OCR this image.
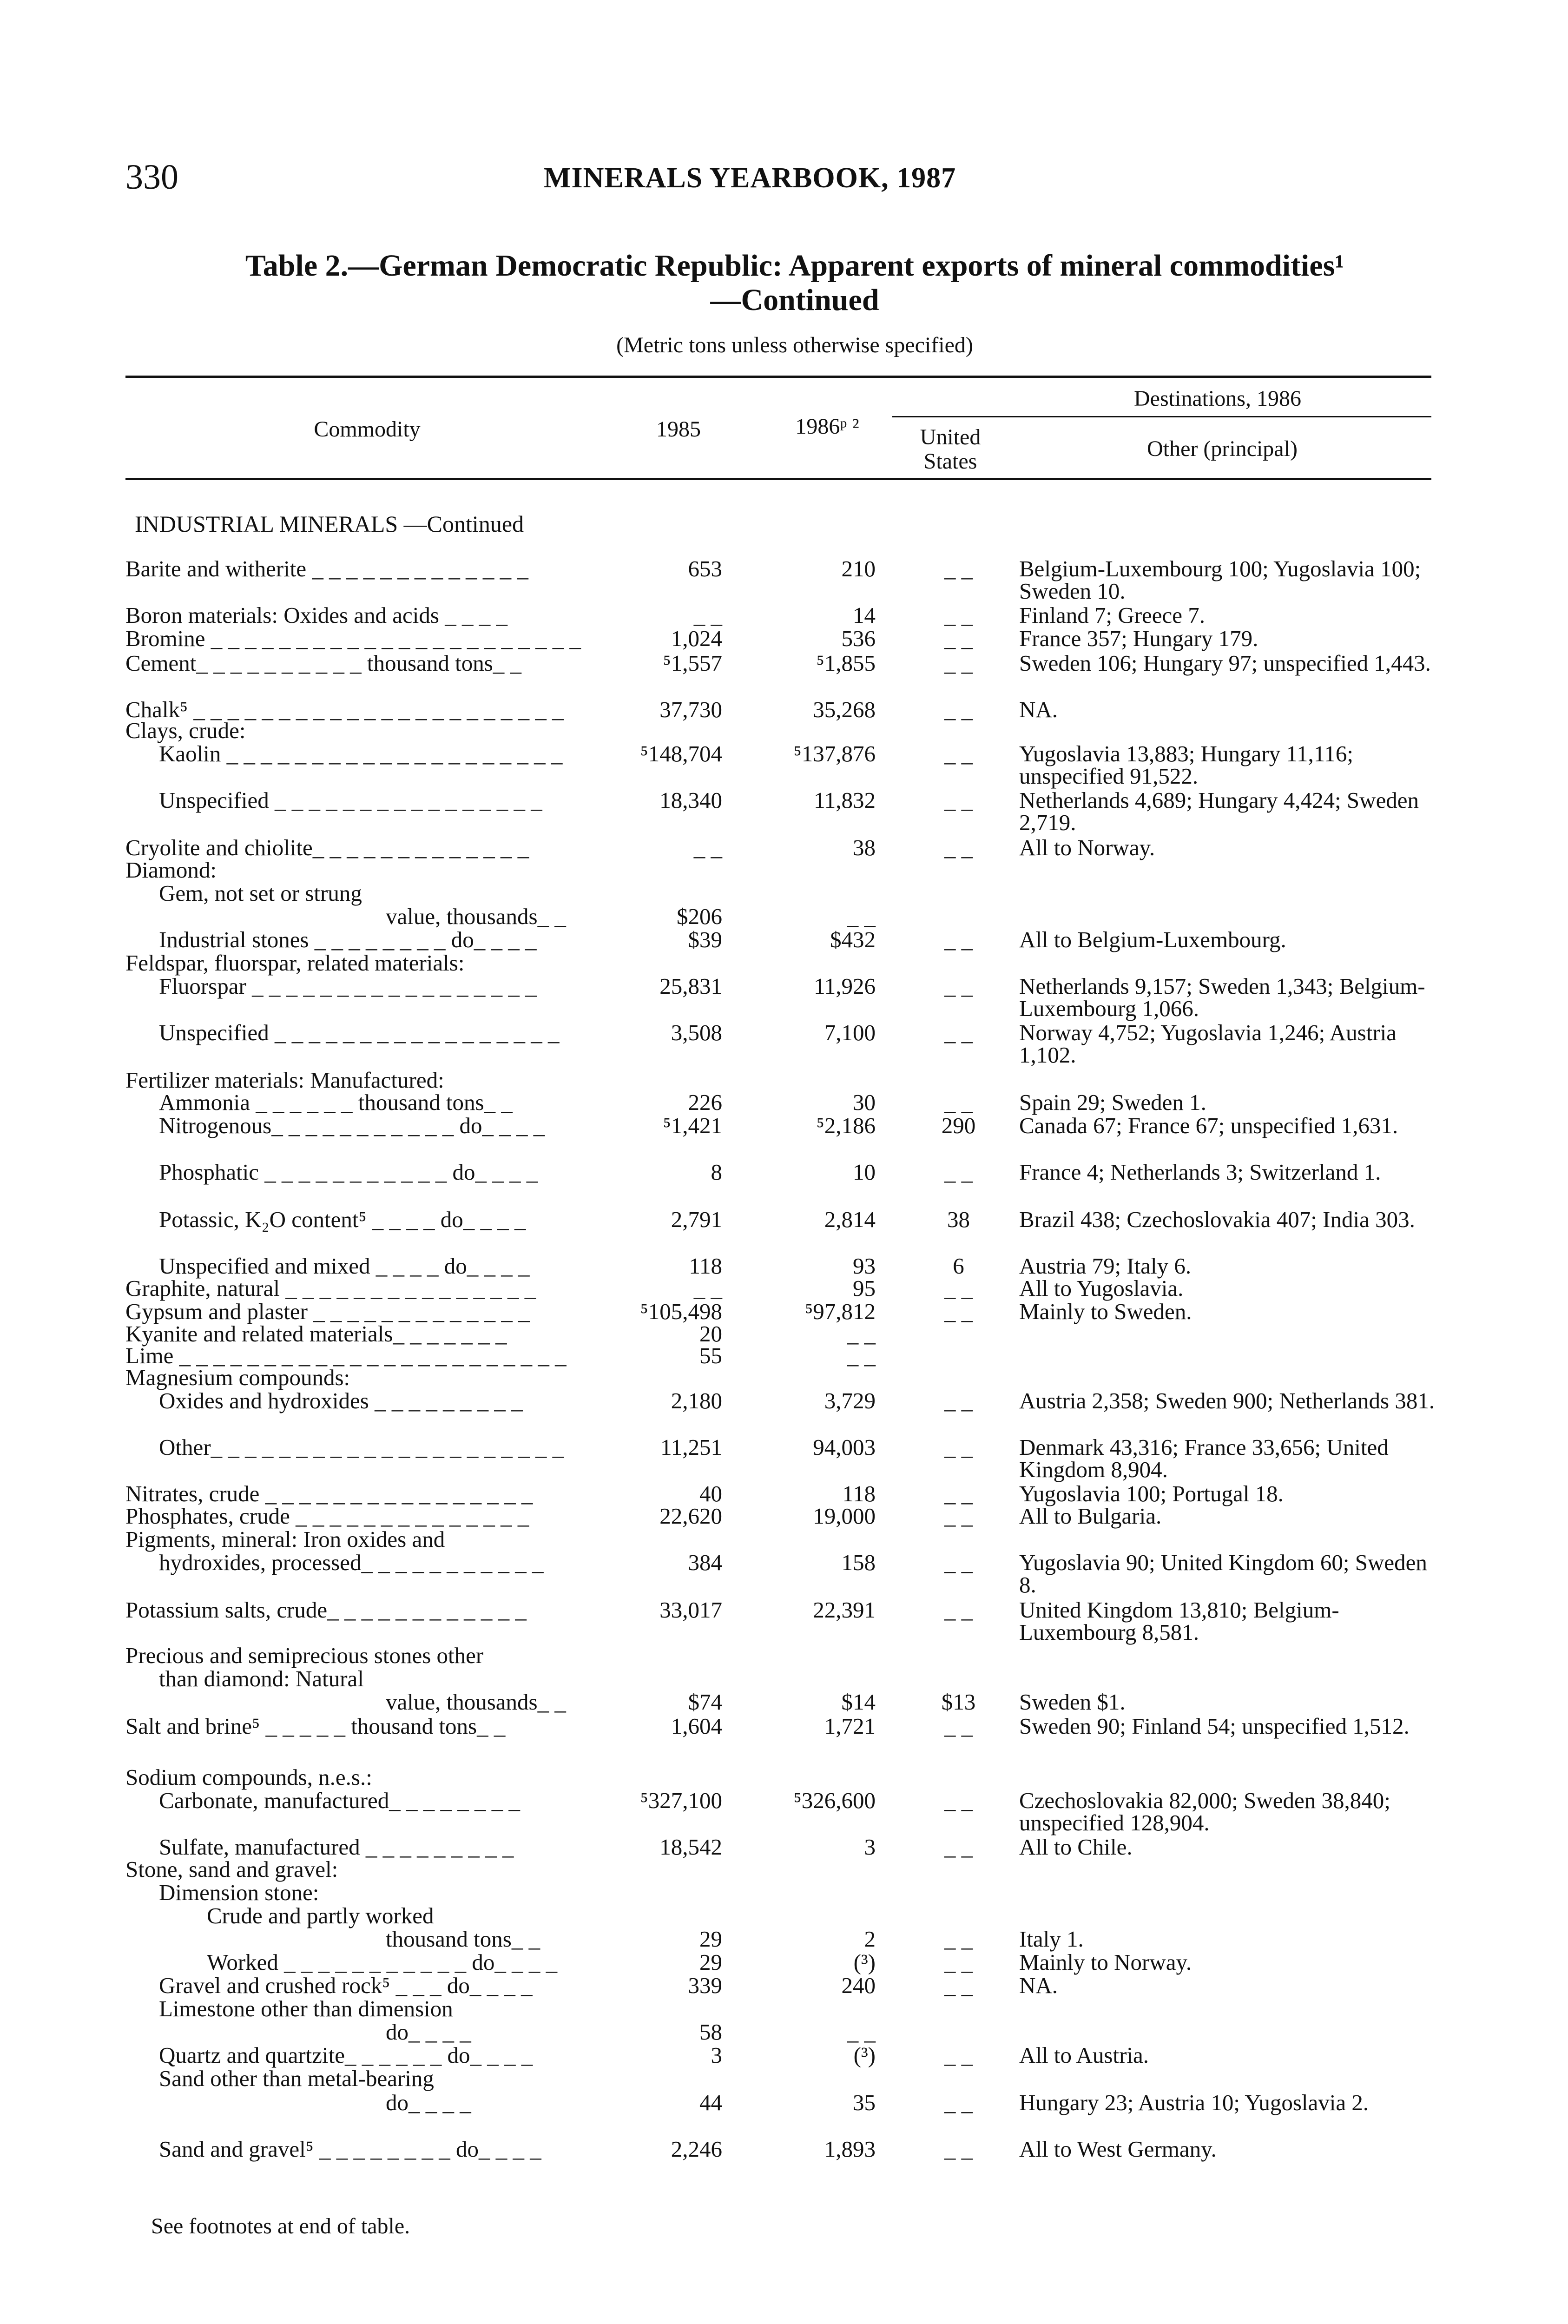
330	MINERALS YEARBOOK, 1987
Table 2.—German Democratic Republic: Apparent exports of mineral commodities¹
—Continued
(Metric tons unless otherwise specified)
Commodity	1985	1986ᵖ ²
Destinations, 1986
United States
Other (principal)
INDUSTRIAL MINERALS —Continued
Barite and witherite _ _ _ _ _ _ _ _ _ _ _ _ _	653	210	_ _	Belgium-Luxembourg 100; Yugoslavia 100; Sweden 10.
Boron materials: Oxides and acids _ _ _ _	_ _	14	_ _	Finland 7; Greece 7.
Bromine _ _ _ _ _ _ _ _ _ _ _ _ _ _ _ _ _ _ _ _ _ _	1,024	536	_ _	France 357; Hungary 179.
Cement_ _ _ _ _ _ _ _ _ _ thousand tons_ _	⁵1,557	⁵1,855	_ _	Sweden 106; Hungary 97; unspecified 1,443.
Chalk⁵ _ _ _ _ _ _ _ _ _ _ _ _ _ _ _ _ _ _ _ _ _ _	37,730	35,268	_ _	NA.
Clays, crude:
Kaolin _ _ _ _ _ _ _ _ _ _ _ _ _ _ _ _ _ _ _ _	⁵148,704	⁵137,876	_ _	Yugoslavia 13,883; Hungary 11,116; unspecified 91,522.
Unspecified _ _ _ _ _ _ _ _ _ _ _ _ _ _ _ _	18,340	11,832	_ _	Netherlands 4,689; Hungary 4,424; Sweden 2,719.
Cryolite and chiolite_ _ _ _ _ _ _ _ _ _ _ _ _	_ _	38	_ _	All to Norway.
Diamond:
Gem, not set or strung
value, thousands_ _	$206	_ _
Industrial stones _ _ _ _ _ _ _ _ do_ _ _ _	$39	$432	_ _	All to Belgium-Luxembourg.
Feldspar, fluorspar, related materials:
Fluorspar _ _ _ _ _ _ _ _ _ _ _ _ _ _ _ _ _	25,831	11,926	_ _	Netherlands 9,157; Sweden 1,343; Belgium-Luxembourg 1,066.
Unspecified _ _ _ _ _ _ _ _ _ _ _ _ _ _ _ _ _	3,508	7,100	_ _	Norway 4,752; Yugoslavia 1,246; Austria 1,102.
Fertilizer materials: Manufactured:
Ammonia _ _ _ _ _ _ thousand tons_ _	226	30	_ _	Spain 29; Sweden 1.
Nitrogenous_ _ _ _ _ _ _ _ _ _ _ do_ _ _ _	⁵1,421	⁵2,186	290	Canada 67; France 67; unspecified 1,631.
Phosphatic _ _ _ _ _ _ _ _ _ _ _ do_ _ _ _	8	10	_ _	France 4; Netherlands 3; Switzerland 1.
Potassic, K₂O content⁵ _ _ _ _ do_ _ _ _	2,791	2,814	38	Brazil 438; Czechoslovakia 407; India 303.
Unspecified and mixed _ _ _ _ do_ _ _ _	118	93	6	Austria 79; Italy 6.
Graphite, natural _ _ _ _ _ _ _ _ _ _ _ _ _ _ _	_ _	95	_ _	All to Yugoslavia.
Gypsum and plaster _ _ _ _ _ _ _ _ _ _ _ _ _	⁵105,498	⁵97,812	_ _	Mainly to Sweden.
Kyanite and related materials_ _ _ _ _ _ _	20	_ _
Lime _ _ _ _ _ _ _ _ _ _ _ _ _ _ _ _ _ _ _ _ _ _ _	55	_ _
Magnesium compounds:
Oxides and hydroxides _ _ _ _ _ _ _ _ _	2,180	3,729	_ _	Austria 2,358; Sweden 900; Netherlands 381.
Other_ _ _ _ _ _ _ _ _ _ _ _ _ _ _ _ _ _ _ _ _	11,251	94,003	_ _	Denmark 43,316; France 33,656; United Kingdom 8,904.
Nitrates, crude _ _ _ _ _ _ _ _ _ _ _ _ _ _ _ _	40	118	_ _	Yugoslavia 100; Portugal 18.
Phosphates, crude _ _ _ _ _ _ _ _ _ _ _ _ _ _	22,620	19,000	_ _	All to Bulgaria.
Pigments, mineral: Iron oxides and
hydroxides, processed_ _ _ _ _ _ _ _ _ _ _	384	158	_ _	Yugoslavia 90; United Kingdom 60; Sweden 8.
Potassium salts, crude_ _ _ _ _ _ _ _ _ _ _ _	33,017	22,391	_ _	United Kingdom 13,810; Belgium-Luxembourg 8,581.
Precious and semiprecious stones other
than diamond: Natural
value, thousands_ _	$74	$14	$13	Sweden $1.
Salt and brine⁵ _ _ _ _ _ thousand tons_ _	1,604	1,721	_ _	Sweden 90; Finland 54; unspecified 1,512.
Sodium compounds, n.e.s.:
Carbonate, manufactured_ _ _ _ _ _ _ _	⁵327,100	⁵326,600	_ _	Czechoslovakia 82,000; Sweden 38,840; unspecified 128,904.
Sulfate, manufactured _ _ _ _ _ _ _ _ _	18,542	3	_ _	All to Chile.
Stone, sand and gravel:
Dimension stone:
Crude and partly worked
thousand tons_ _	29	2	_ _	Italy 1.
Worked _ _ _ _ _ _ _ _ _ _ _ do_ _ _ _	29	(³)	_ _	Mainly to Norway.
Gravel and crushed rock⁵ _ _ _ do_ _ _ _	339	240	_ _	NA.
Limestone other than dimension
do_ _ _ _	58	_ _
Quartz and quartzite_ _ _ _ _ _ do_ _ _ _	3	(³)	_ _	All to Austria.
Sand other than metal-bearing
do_ _ _ _	44	35	_ _	Hungary 23; Austria 10; Yugoslavia 2.
Sand and gravel⁵ _ _ _ _ _ _ _ _ do_ _ _ _	2,246	1,893	_ _	All to West Germany.
See footnotes at end of table.
